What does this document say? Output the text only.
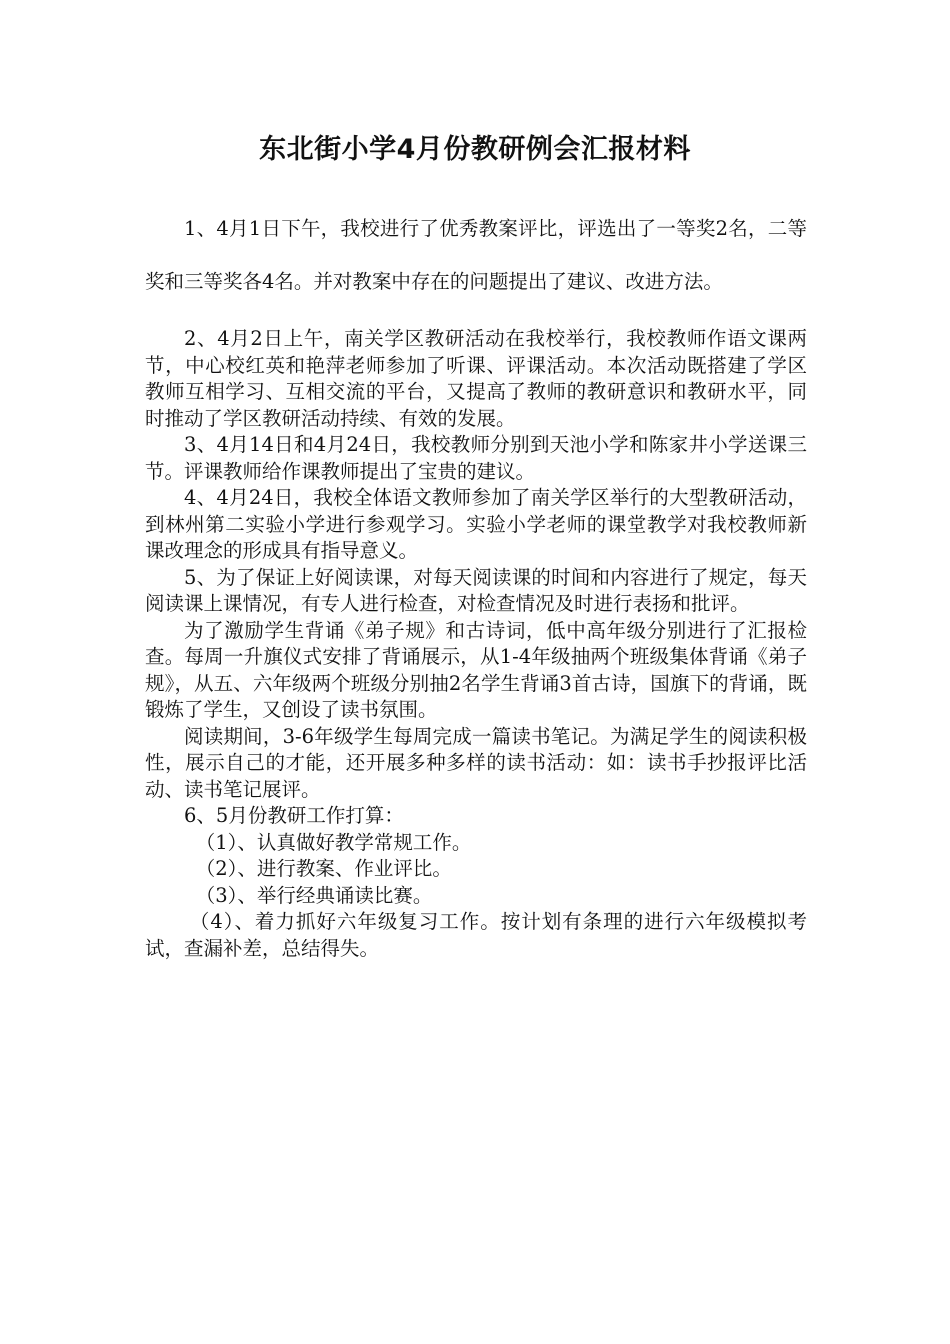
东北街小学4月份教研例会汇报材料

1、4月1日下午，我校进行了优秀教案评比，评选出了一等奖2名，二等奖和三等奖各4名。并对教案中存在的问题提出了建议、改进方法。

2、4月2日上午，南关学区教研活动在我校举行，我校教师作语文课两节，中心校红英和艳萍老师参加了听课、评课活动。本次活动既搭建了学区教师互相学习、互相交流的平台，又提高了教师的教研意识和教研水平，同时推动了学区教研活动持续、有效的发展。

3、4月14日和4月24日，我校教师分别到天池小学和陈家井小学送课三节。评课教师给作课教师提出了宝贵的建议。

4、4月24日，我校全体语文教师参加了南关学区举行的大型教研活动，到林州第二实验小学进行参观学习。实验小学老师的课堂教学对我校教师新课改理念的形成具有指导意义。

5、为了保证上好阅读课，对每天阅读课的时间和内容进行了规定，每天阅读课上课情况，有专人进行检查，对检查情况及时进行表扬和批评。

为了激励学生背诵《弟子规》和古诗词，低中高年级分别进行了汇报检查。每周一升旗仪式安排了背诵展示，从1-4年级抽两个班级集体背诵《弟子规》，从五、六年级两个班级分别抽2名学生背诵3首古诗，国旗下的背诵，既锻炼了学生，又创设了读书氛围。

阅读期间，3-6年级学生每周完成一篇读书笔记。为满足学生的阅读积极性，展示自己的才能，还开展多种多样的读书活动：如：读书手抄报评比活动、读书笔记展评。

6、5月份教研工作打算：

（1）、认真做好教学常规工作。

（2）、进行教案、作业评比。

（3）、举行经典诵读比赛。

（4）、着力抓好六年级复习工作。按计划有条理的进行六年级模拟考试，查漏补差，总结得失。
